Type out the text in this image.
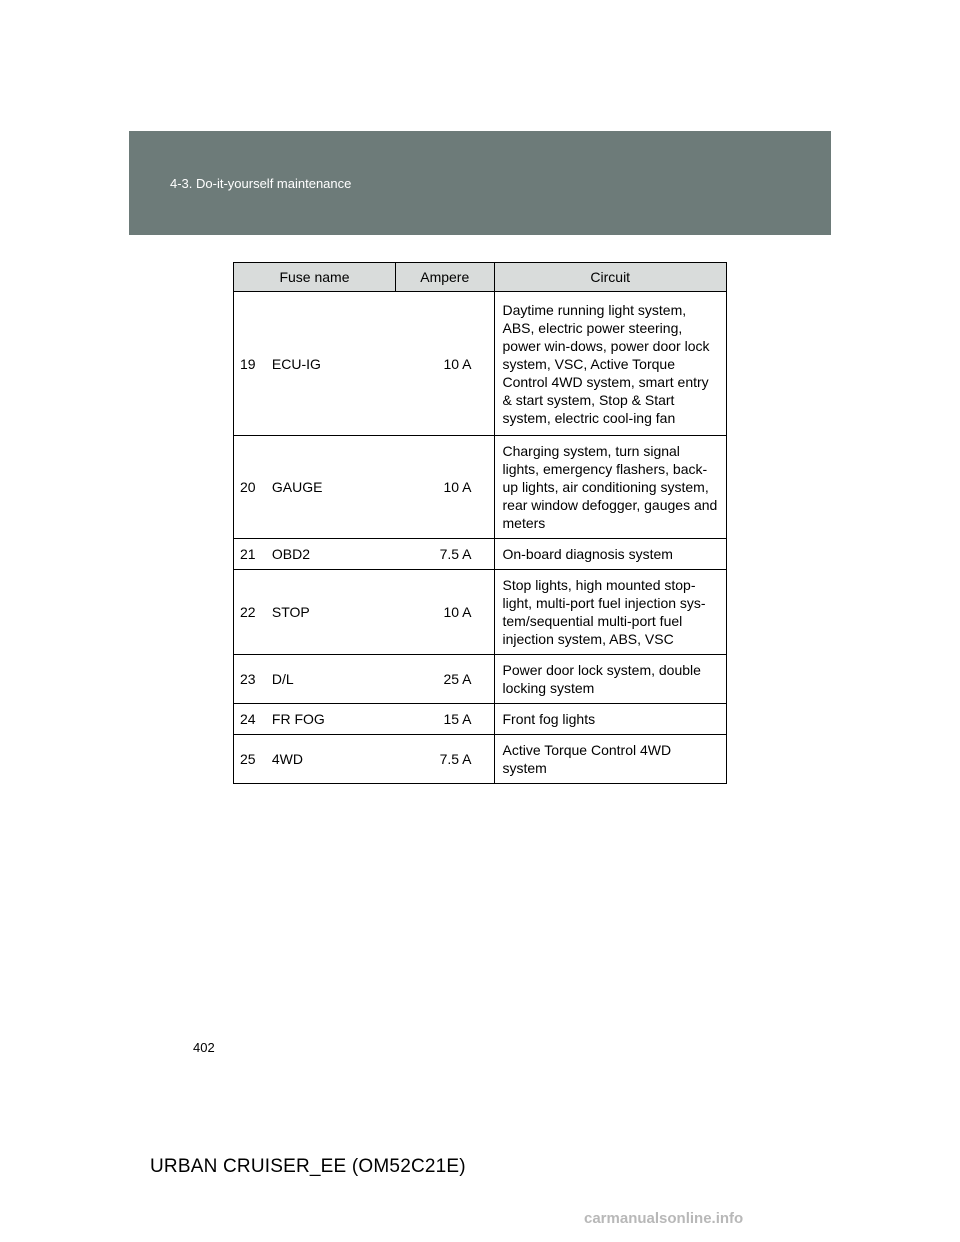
4-3. Do-it-yourself maintenance
Fuse name		Ampere	Circuit
19	ECU-IG	10 A	Daytime running light system, ABS, electric power steering, power win-dows, power door lock system, VSC, Active Torque Control 4WD system, smart entry & start system, Stop & Start system, electric cool-ing fan
20	GAUGE	10 A	Charging system, turn signal lights, emergency flashers, back-up lights, air conditioning system, rear window defogger, gauges and meters
21	OBD2	7.5 A	On-board diagnosis system
22	STOP	10 A	Stop lights, high mounted stop-light, multi-port fuel injection sys-tem/sequential multi-port fuel injection system, ABS, VSC
23	D/L	25 A	Power door lock system, double locking system
24	FR FOG	15 A	Front fog lights
25	4WD	7.5 A	Active Torque Control 4WD system
402
URBAN CRUISER_EE (OM52C21E)
carmanualsonline.info
